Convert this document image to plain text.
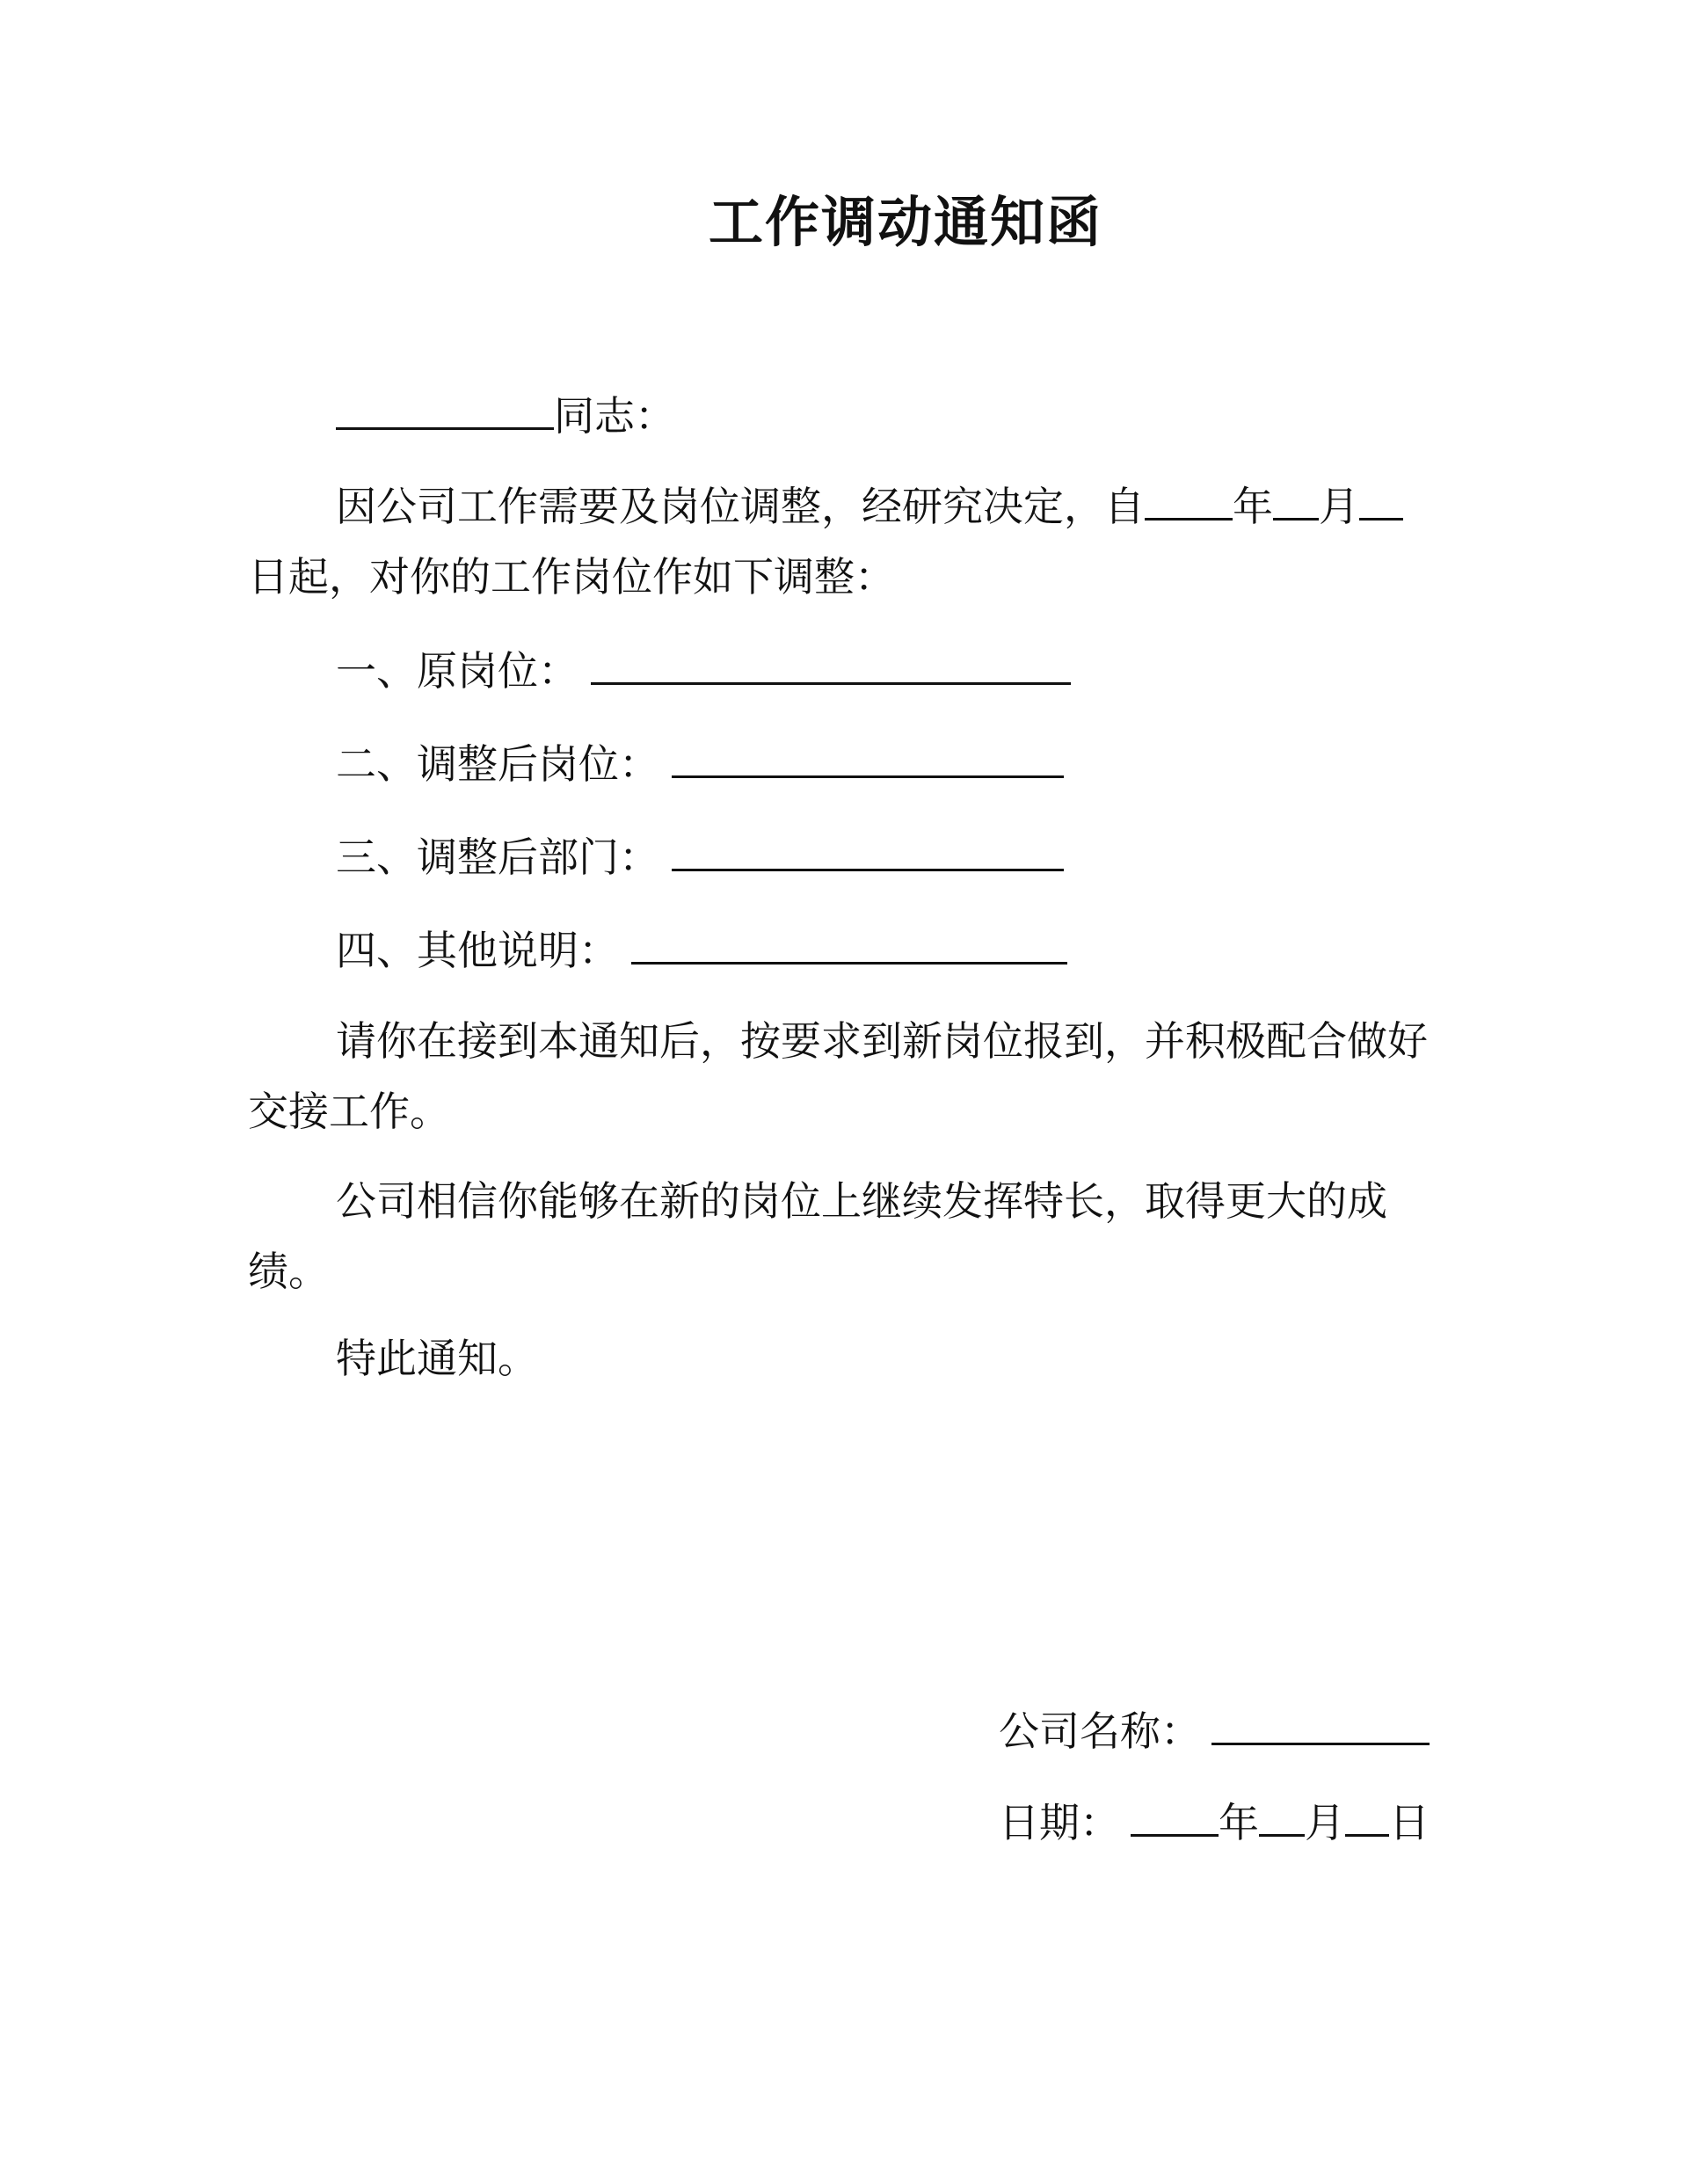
工作调动通知函
同志：
因公司工作需要及岗位调整，经研究决定，自 年 月日起，对你的工作岗位作如下调整：
一、原岗位：
二、调整后岗位：
三、调整后部门：
四、其他说明：
请你在接到本通知后，按要求到新岗位报到，并积极配合做好交接工作。
公司相信你能够在新的岗位上继续发挥特长，取得更大的成绩。
特此通知。
公司名称：
日期： 年 月 日
